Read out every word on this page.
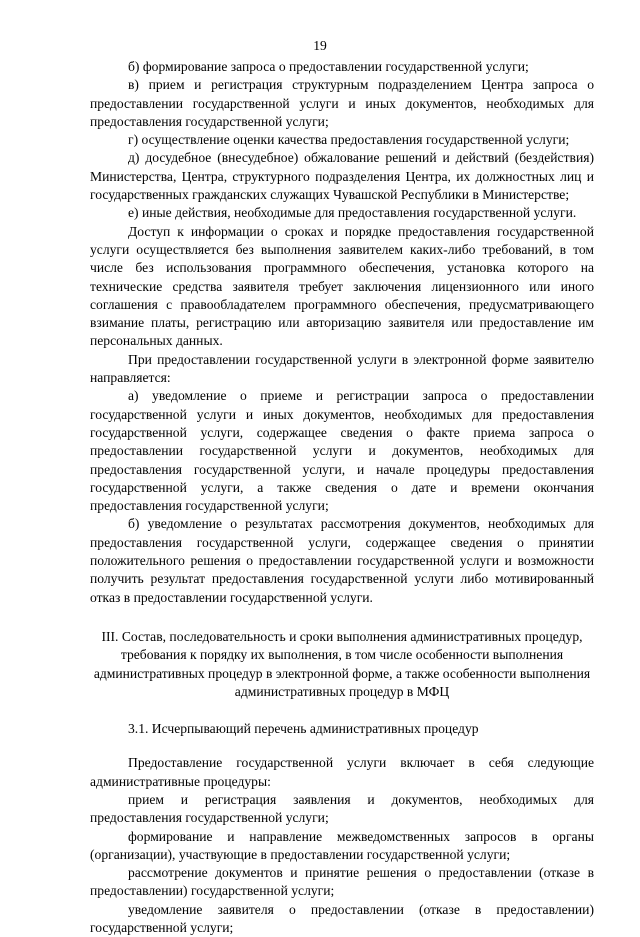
19

б) формирование запроса о предоставлении государственной услуги;

в) прием и регистрация структурным подразделением Центра запроса о предоставлении государственной услуги и иных документов, необходимых для предоставления государственной услуги;

г) осуществление оценки качества предоставления государственной услуги;

д) досудебное (внесудебное) обжалование решений и действий (бездействия) Министерства, Центра, структурного подразделения Центра, их должностных лиц и государственных гражданских служащих Чувашской Республики в Министерстве;

е) иные действия, необходимые для предоставления государственной услуги.

Доступ к информации о сроках и порядке предоставления государственной услуги осуществляется без выполнения заявителем каких-либо требований, в том числе без использования программного обеспечения, установка которого на технические средства заявителя требует заключения лицензионного или иного соглашения с правообладателем программного обеспечения, предусматривающего взимание платы, регистрацию или авторизацию заявителя или предоставление им персональных данных.

При предоставлении государственной услуги в электронной форме заявителю направляется:

а) уведомление о приеме и регистрации запроса о предоставлении государственной услуги и иных документов, необходимых для предоставления государственной услуги, содержащее сведения о факте приема запроса о предоставлении государственной услуги и документов, необходимых для предоставления государственной услуги, и начале процедуры предоставления государственной услуги, а также сведения о дате и времени окончания предоставления государственной услуги;

б) уведомление о результатах рассмотрения документов, необходимых для предоставления государственной услуги, содержащее сведения о принятии положительного решения о предоставлении государственной услуги и возможности получить результат предоставления государственной услуги либо мотивированный отказ в предоставлении государственной услуги.

III. Состав, последовательность и сроки выполнения административных процедур, требования к порядку их выполнения, в том числе особенности выполнения административных процедур в электронной форме, а также особенности выполнения административных процедур в МФЦ

3.1. Исчерпывающий перечень административных процедур

Предоставление государственной услуги включает в себя следующие административные процедуры:

прием и регистрация заявления и документов, необходимых для предоставления государственной услуги;

формирование и направление межведомственных запросов в органы (организации), участвующие в предоставлении государственной услуги;

рассмотрение документов и принятие решения о предоставлении (отказе в предоставлении) государственной услуги;

уведомление заявителя о предоставлении (отказе в предоставлении) государственной услуги;
